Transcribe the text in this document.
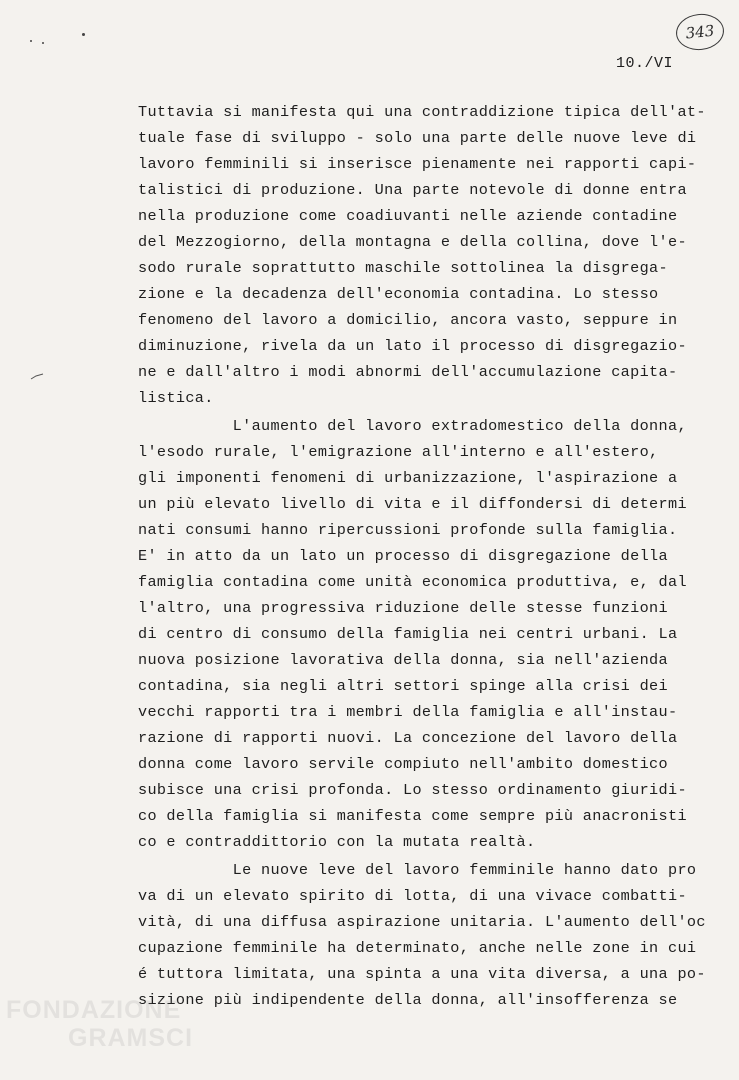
343
10./VI
Tuttavia si manifesta qui una contraddizione tipica dell'at-
tuale fase di sviluppo - solo una parte delle nuove leve di
lavoro femminili si inserisce pienamente nei rapporti capi-
talistici di produzione. Una parte notevole di donne entra
nella produzione come coadiuvanti nelle aziende contadine
del Mezzogiorno, della montagna e della collina, dove l'e-
sodo rurale soprattutto maschile sottolinea la disgrega-
zione e la decadenza dell'economia contadina. Lo stesso
fenomeno del lavoro a domicilio, ancora vasto, seppure in
diminuzione, rivela da un lato il processo di disgregazio-
ne e dall'altro i modi abnormi dell'accumulazione capita-
listica.
L'aumento del lavoro extradomestico della donna,
l'esodo rurale, l'emigrazione all'interno e all'estero,
gli imponenti fenomeni di urbanizzazione, l'aspirazione a
un più elevato livello di vita e il diffondersi di determi
nati consumi hanno ripercussioni profonde sulla famiglia.
E' in atto da un lato un processo di disgregazione della
famiglia contadina come unità economica produttiva, e, dal
l'altro, una progressiva riduzione delle stesse funzioni
di centro di consumo della famiglia nei centri urbani. La
nuova posizione lavorativa della donna, sia nell'azienda
contadina, sia negli altri settori spinge alla crisi dei
vecchi rapporti tra i membri della famiglia e all'instau-
razione di rapporti nuovi. La concezione del lavoro della
donna come lavoro servile compiuto nell'ambito domestico
subisce una crisi profonda. Lo stesso ordinamento giuridi-
co della famiglia si manifesta come sempre più anacronisti
co e contraddittorio con la mutata realtà.
Le nuove leve del lavoro femminile hanno dato pro
va di un elevato spirito di lotta, di una vivace combatti-
vità, di una diffusa aspirazione unitaria. L'aumento dell'oc
cupazione femminile ha determinato, anche nelle zone in cui
é tuttora limitata, una spinta a una vita diversa, a una po-
sizione più indipendente della donna, all'insofferenza se
FONDAZIONE
GRAMSCI
